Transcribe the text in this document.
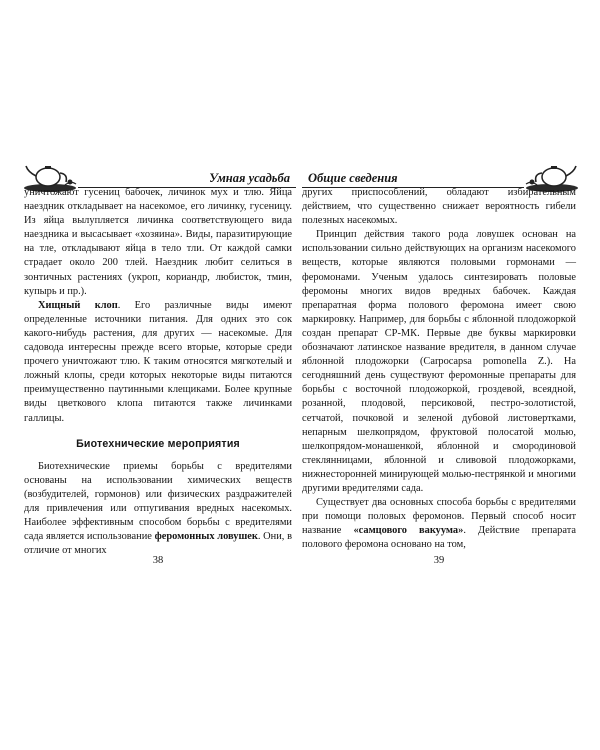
Умная усадьба Общие сведения

уничтожают гусениц бабочек, личинок мух и тлю. Яйца наездник откладывает на насекомое, его личинку, гусеницу. Из яйца вылупляется личинка соответствующего вида наездника и высасывает «хозяина». Виды, паразитирующие на тле, откладывают яйца в тело тли. От каждой самки страдает около 200 тлей. Наездник любит селиться в зонтичных растениях (укроп, кориандр, любисток, тмин, купырь и пр.).

Хищный клоп. Его различные виды имеют определенные источники питания. Для одних это сок какого-нибудь растения, для других — насекомые. Для садовода интересны прежде всего вторые, которые среди прочего уничтожают тлю. К таким относятся мягкотелый и ложный клопы, среди которых некоторые виды питаются преимущественно паутинными клещиками. Более крупные виды цветкового клопа питаются также личинками галлицы.

Биотехнические мероприятия

Биотехнические приемы борьбы с вредителями основаны на использовании химических веществ (возбудителей, гормонов) или физических раздражителей для привлечения или отпугивания вредных насекомых. Наиболее эффективным способом борьбы с вредителями сада является использование феромонных ловушек. Они, в отличие от многих

38

других приспособлений, обладают избирательным действием, что существенно снижает вероятность гибели полезных насекомых.

Принцип действия такого рода ловушек основан на использовании сильно действующих на организм насекомого веществ, которые являются половыми гормонами — феромонами. Ученым удалось синтезировать половые феромоны многих видов вредных бабочек. Каждая препаратная форма полового феромона имеет свою маркировку. Например, для борьбы с яблонной плодожоркой создан препарат СР-МК. Первые две буквы маркировки обозначают латинское название вредителя, в данном случае яблонной плодожорки (Carpocapsa pomonella Z.). На сегодняшний день существуют феромонные препараты для борьбы с восточной плодожоркой, гроздевой, всеядной, розанной, плодовой, персиковой, пестро-золотистой, сетчатой, почковой и зеленой дубовой листовертками, непарным шелкопрядом, фруктовой полосатой молью, шелкопрядом-монашенкой, яблонной и смородиновой стеклянницами, яблонной и сливовой плодожорками, нижнесторонней минирующей молью-пестрянкой и многими другими вредителями сада.

Существует два основных способа борьбы с вредителями при помощи половых феромонов. Первый способ носит название «самцового вакуума». Действие препарата полового феромона основано на том,

39
